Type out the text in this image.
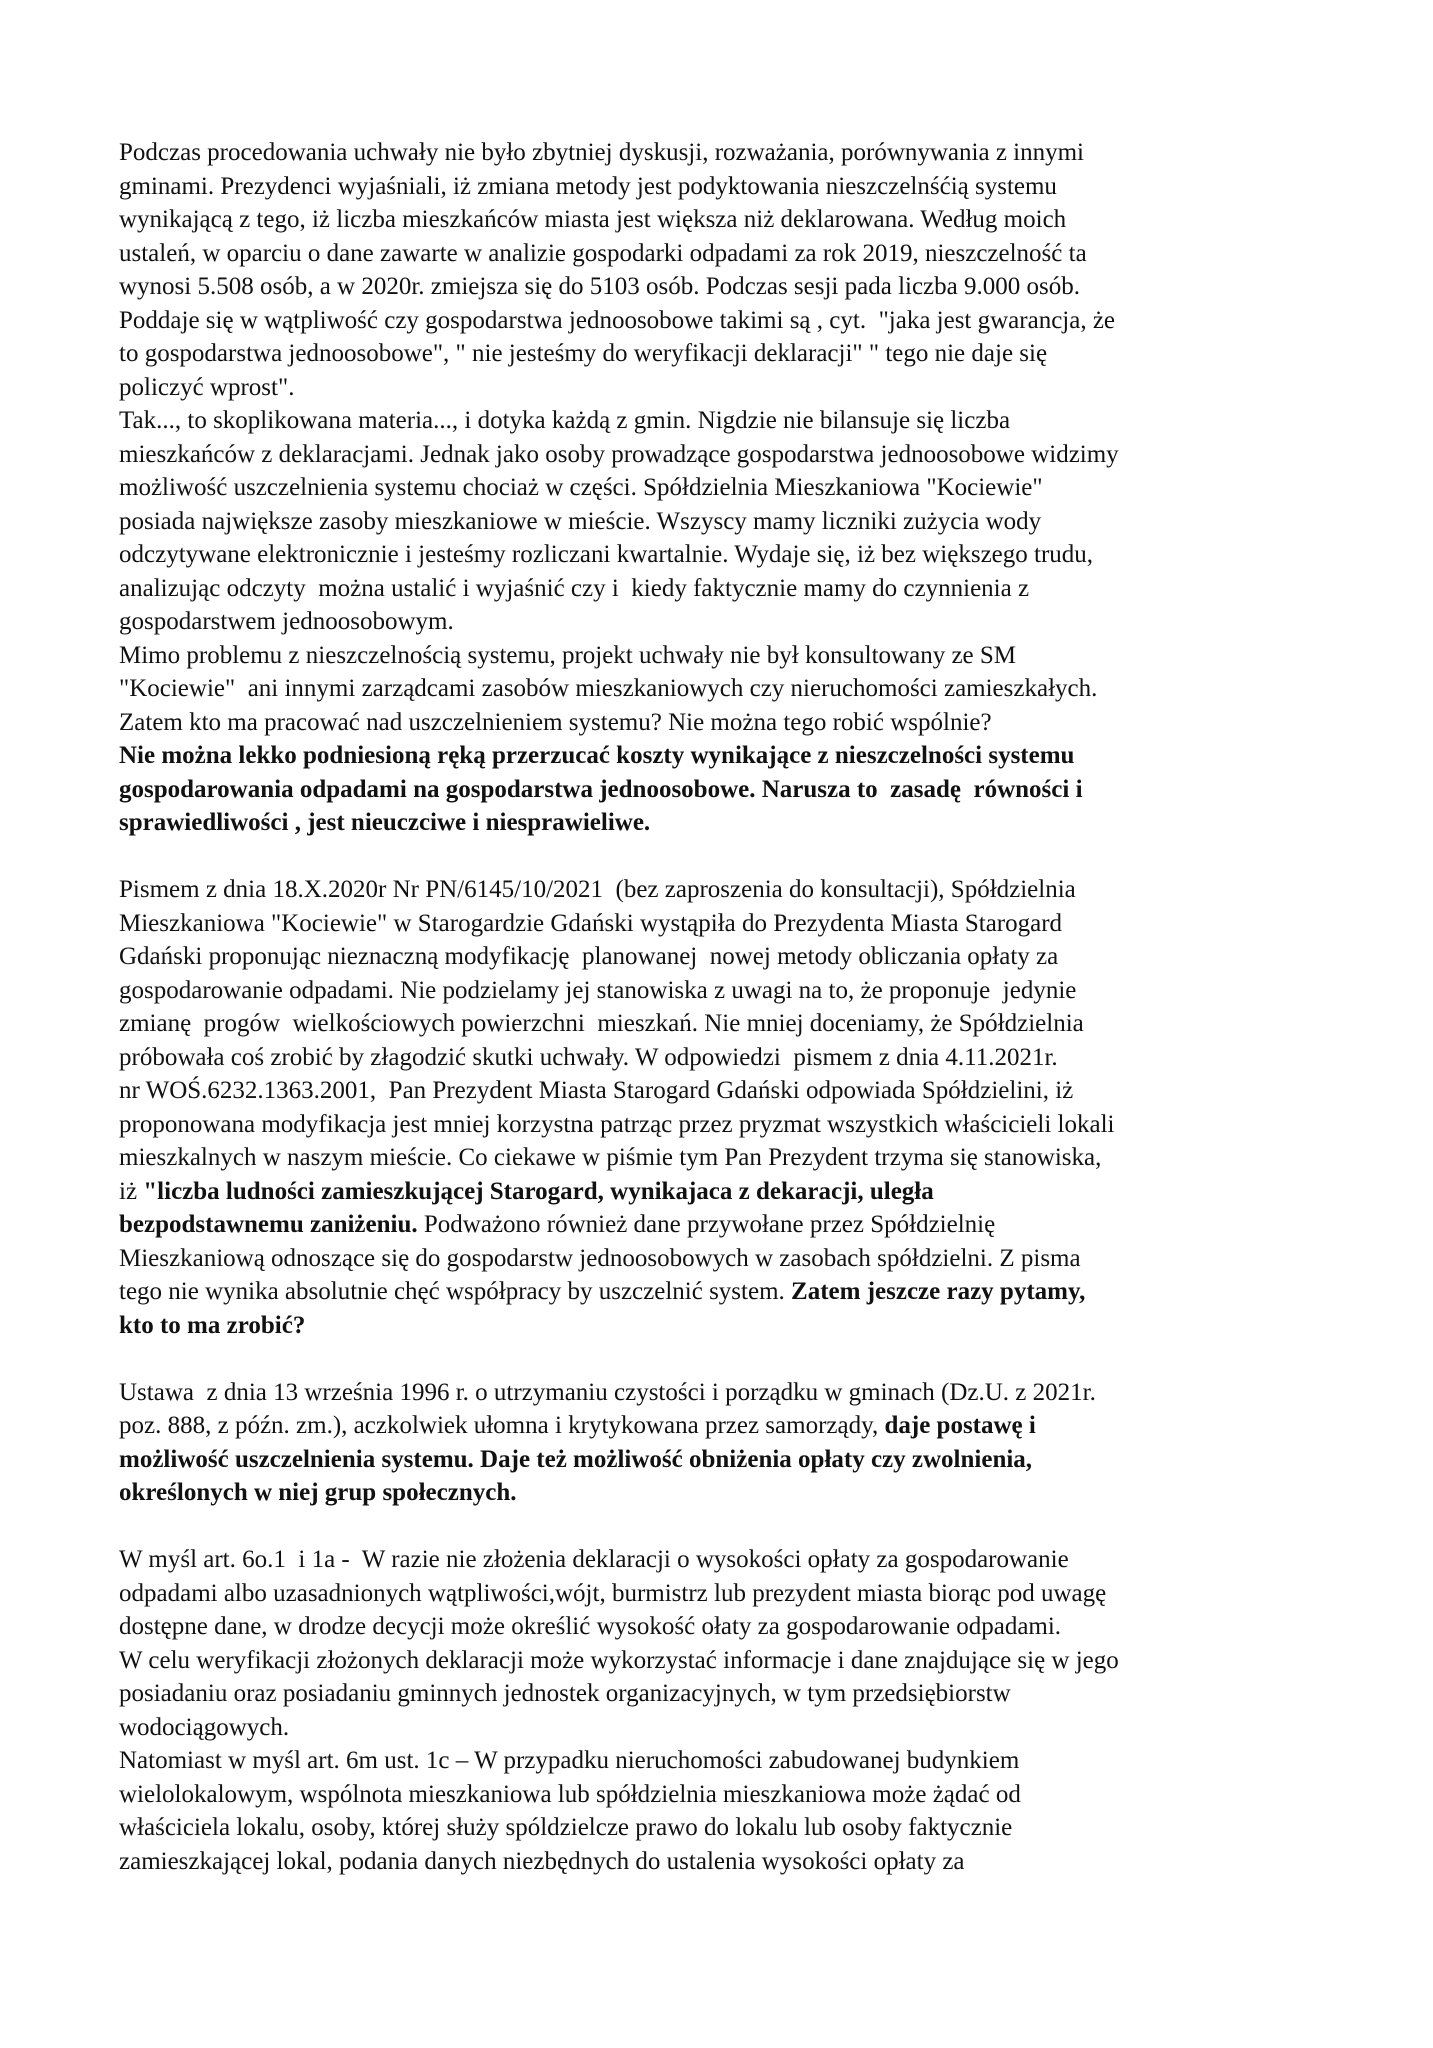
Podczas procedowania uchwały nie było zbytniej dyskusji, rozważania, porównywania z innymi
gminami. Prezydenci wyjaśniali, iż zmiana metody jest podyktowania nieszczelnśćią systemu
wynikającą z tego, iż liczba mieszkańców miasta jest większa niż deklarowana. Według moich
ustaleń, w oparciu o dane zawarte w analizie gospodarki odpadami za rok 2019, nieszczelność ta
wynosi 5.508 osób, a w 2020r. zmiejsza się do 5103 osób. Podczas sesji pada liczba 9.000 osób.
Poddaje się w wątpliwość czy gospodarstwa jednoosobowe takimi są , cyt.  "jaka jest gwarancja, że
to gospodarstwa jednoosobowe", " nie jesteśmy do weryfikacji deklaracji" " tego nie daje się
policzyć wprost".
Tak..., to skoplikowana materia..., i dotyka każdą z gmin. Nigdzie nie bilansuje się liczba
mieszkańców z deklaracjami. Jednak jako osoby prowadzące gospodarstwa jednoosobowe widzimy
możliwość uszczelnienia systemu chociaż w części. Spółdzielnia Mieszkaniowa "Kociewie"
posiada największe zasoby mieszkaniowe w mieście. Wszyscy mamy liczniki zużycia wody
odczytywane elektronicznie i jesteśmy rozliczani kwartalnie. Wydaje się, iż bez większego trudu,
analizując odczyty  można ustalić i wyjaśnić czy i  kiedy faktycznie mamy do czynnienia z
gospodarstwem jednoosobowym.
Mimo problemu z nieszczelnością systemu, projekt uchwały nie był konsultowany ze SM
"Kociewie"  ani innymi zarządcami zasobów mieszkaniowych czy nieruchomości zamieszkałych.
Zatem kto ma pracować nad uszczelnieniem systemu? Nie można tego robić wspólnie?
Nie można lekko podniesioną ręką przerzucać koszty wynikające z nieszczelności systemu
gospodarowania odpadami na gospodarstwa jednoosobowe. Narusza to  zasadę  równości i
sprawiedliwości , jest nieuczciwe i niesprawieliwe.
Pismem z dnia 18.X.2020r Nr PN/6145/10/2021  (bez zaproszenia do konsultacji), Spółdzielnia
Mieszkaniowa "Kociewie" w Starogardzie Gdański wystąpiła do Prezydenta Miasta Starogard
Gdański proponując nieznaczną modyfikację  planowanej  nowej metody obliczania opłaty za
gospodarowanie odpadami. Nie podzielamy jej stanowiska z uwagi na to, że proponuje  jedynie
zmianę  progów  wielkościowych powierzchni  mieszkań. Nie mniej doceniamy, że Spółdzielnia
próbowała coś zrobić by złagodzić skutki uchwały. W odpowiedzi  pismem z dnia 4.11.2021r.
nr WOŚ.6232.1363.2001,  Pan Prezydent Miasta Starogard Gdański odpowiada Spółdzielini, iż
proponowana modyfikacja jest mniej korzystna patrząc przez pryzmat wszystkich właścicieli lokali
mieszkalnych w naszym mieście. Co ciekawe w piśmie tym Pan Prezydent trzyma się stanowiska,
iż "liczba ludności zamieszkującej Starogard, wynikajaca z dekaracji, uległa
bezpodstawnemu zaniżeniu. Podważono również dane przywołane przez Spółdzielnię
Mieszkaniową odnoszące się do gospodarstw jednoosobowych w zasobach spółdzielni. Z pisma
tego nie wynika absolutnie chęć współpracy by uszczelnić system. Zatem jeszcze razy pytamy,
kto to ma zrobić?
Ustawa  z dnia 13 września 1996 r. o utrzymaniu czystości i porządku w gminach (Dz.U. z 2021r.
poz. 888, z późn. zm.), aczkolwiek ułomna i krytykowana przez samorządy, daje postawę i
możliwość uszczelnienia systemu. Daje też możliwość obniżenia opłaty czy zwolnienia,
określonych w niej grup społecznych.
W myśl art. 6o.1  i 1a -  W razie nie złożenia deklaracji o wysokości opłaty za gospodarowanie
odpadami albo uzasadnionych wątpliwości,wójt, burmistrz lub prezydent miasta biorąc pod uwagę
dostępne dane, w drodze decycji może określić wysokość ołaty za gospodarowanie odpadami.
W celu weryfikacji złożonych deklaracji może wykorzystać informacje i dane znajdujące się w jego
posiadaniu oraz posiadaniu gminnych jednostek organizacyjnych, w tym przedsiębiorstw
wodociągowych.
Natomiast w myśl art. 6m ust. 1c – W przypadku nieruchomości zabudowanej budynkiem
wielolokalowym, wspólnota mieszkaniowa lub spółdzielnia mieszkaniowa może żądać od
właściciela lokalu, osoby, której służy spóldzielcze prawo do lokalu lub osoby faktycznie
zamieszkającej lokal, podania danych niezbędnych do ustalenia wysokości opłaty za
